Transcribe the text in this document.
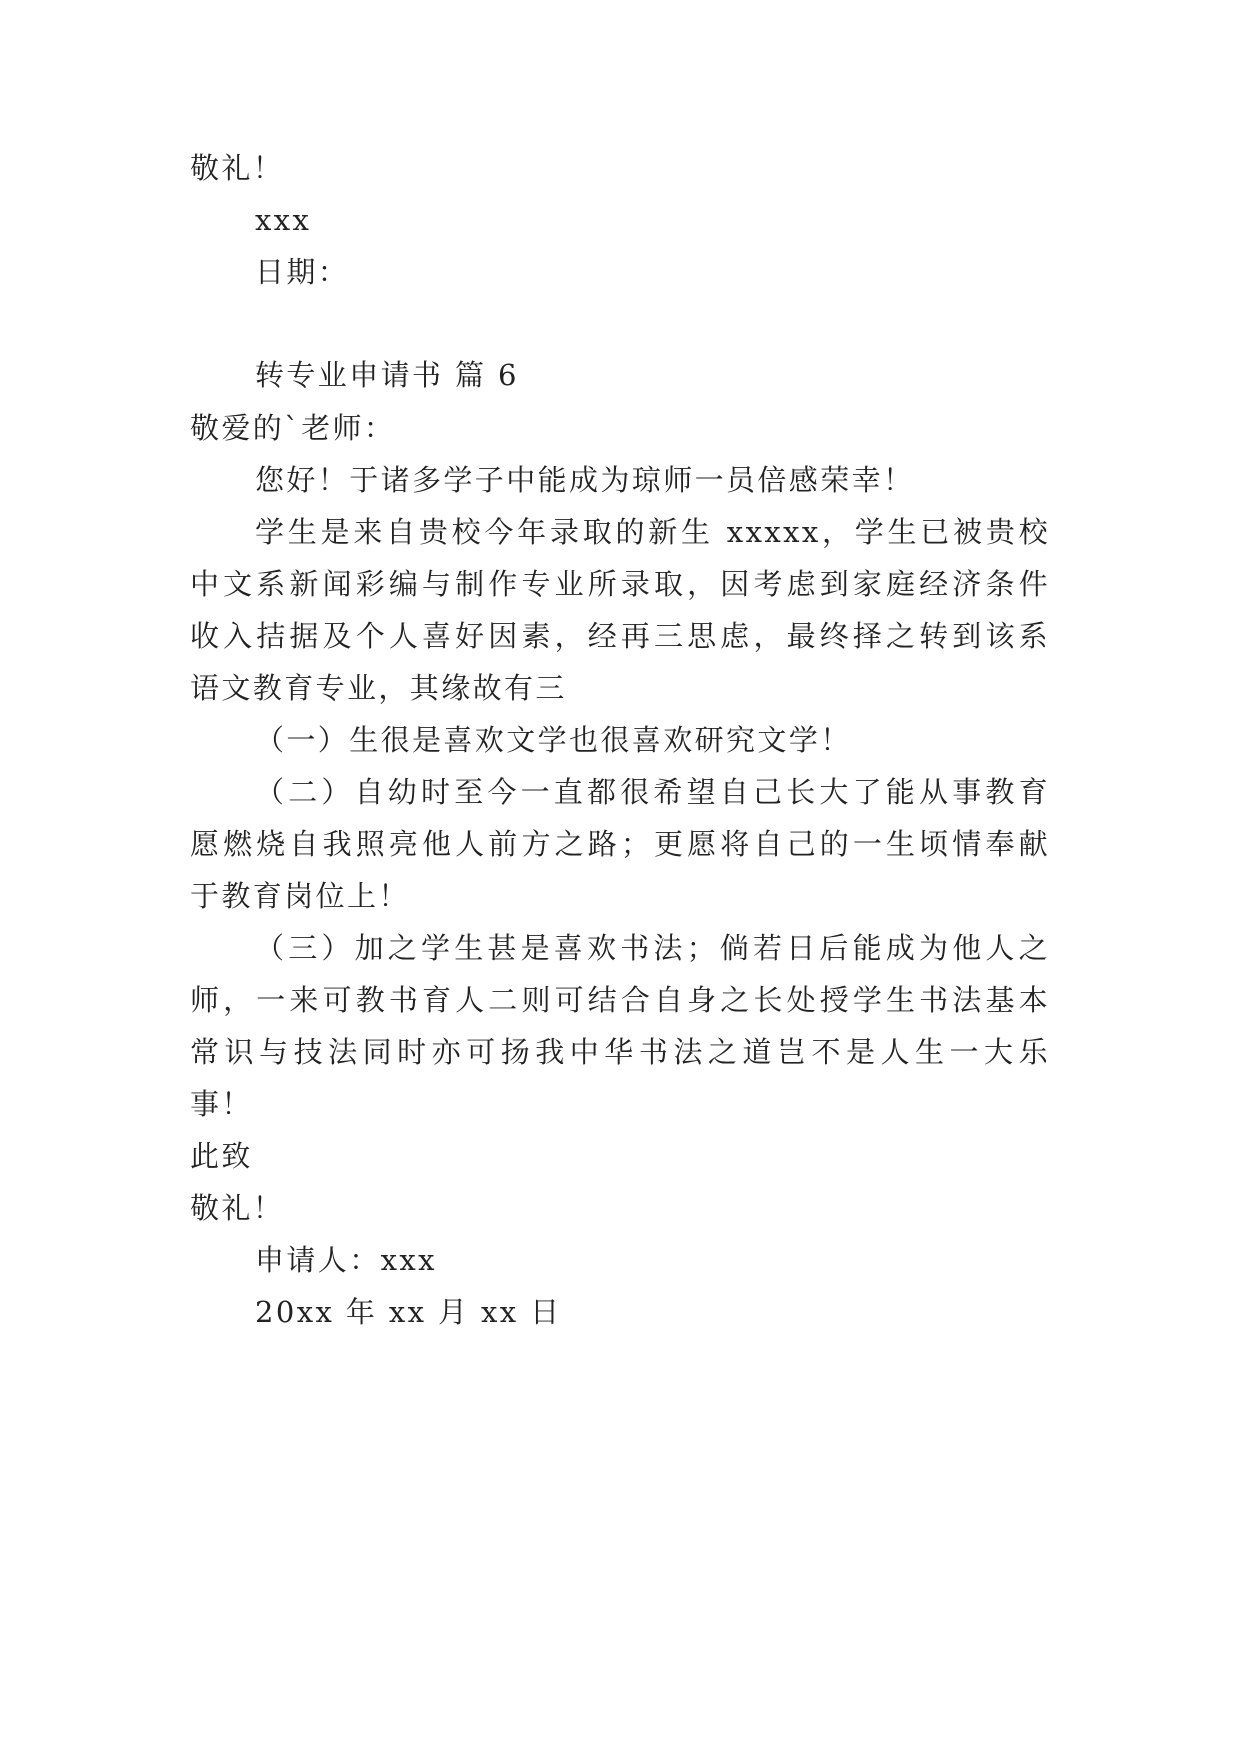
敬礼！
xxx
日期：
转专业申请书 篇 6
敬爱的`老师：
您好！于诸多学子中能成为琼师一员倍感荣幸！
学生是来自贵校今年录取的新生 xxxxx，学生已被贵校
中文系新闻彩编与制作专业所录取，因考虑到家庭经济条件
收入拮据及个人喜好因素，经再三思虑，最终择之转到该系
语文教育专业，其缘故有三
（一）生很是喜欢文学也很喜欢研究文学！
（二）自幼时至今一直都很希望自己长大了能从事教育
愿燃烧自我照亮他人前方之路；更愿将自己的一生顷情奉献
于教育岗位上！
（三）加之学生甚是喜欢书法；倘若日后能成为他人之
师，一来可教书育人二则可结合自身之长处授学生书法基本
常识与技法同时亦可扬我中华书法之道岂不是人生一大乐
事！
此致
敬礼！
申请人：xxx
20xx 年 xx 月 xx 日
